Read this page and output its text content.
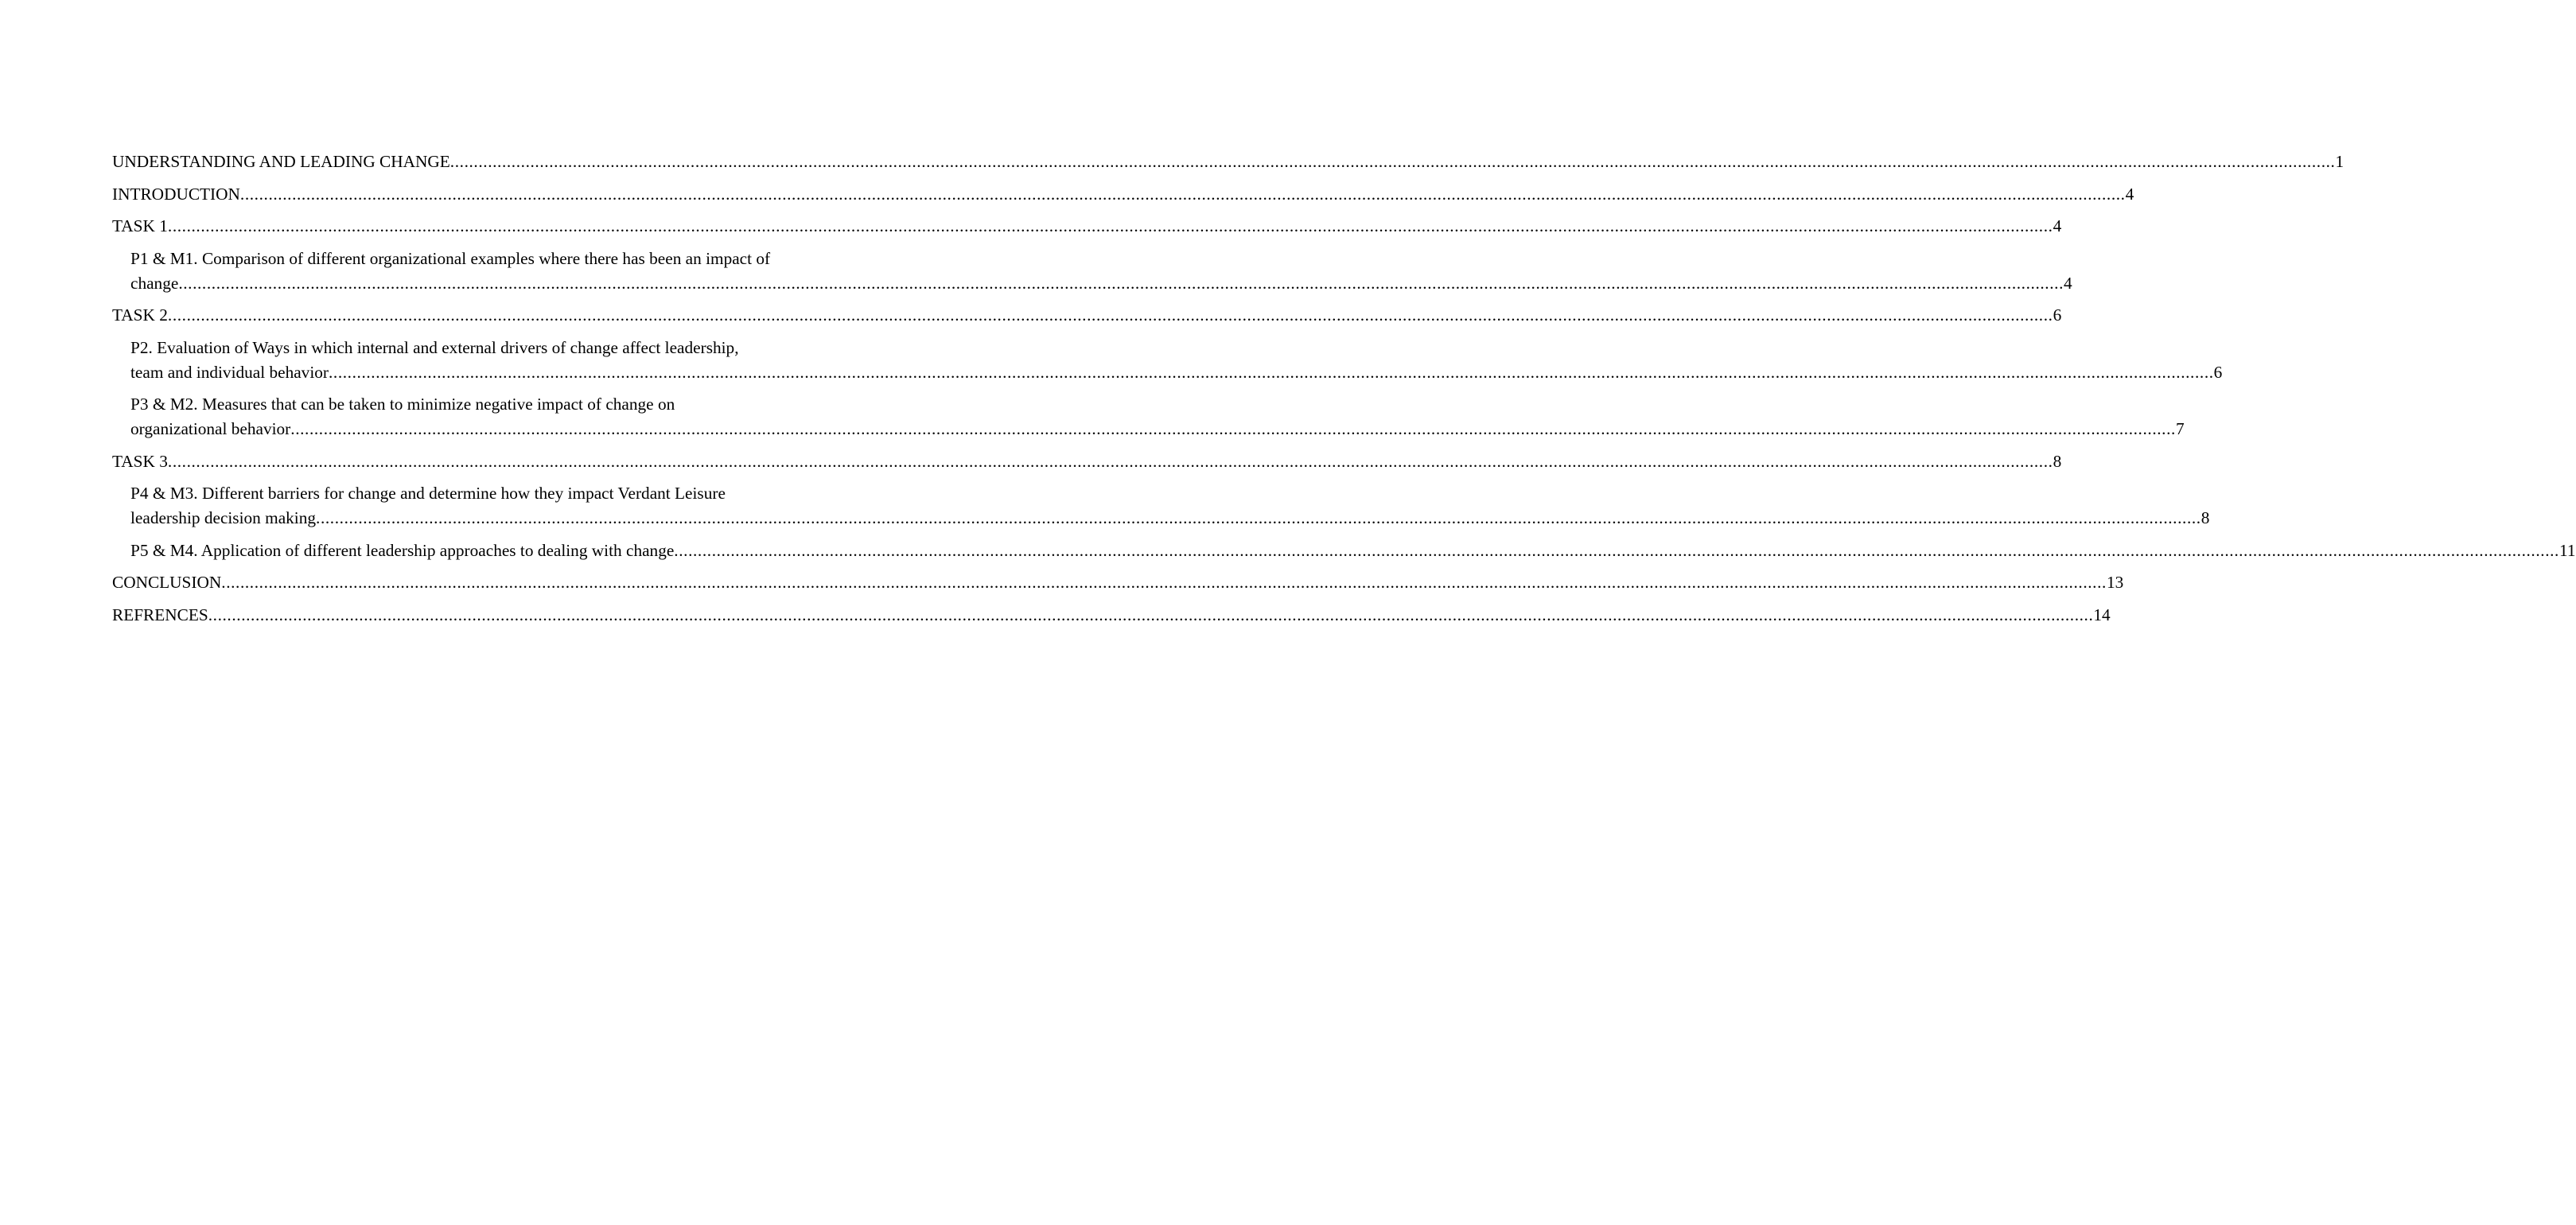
UNDERSTANDING AND LEADING CHANGE ................................................................................................................................................................................................................................................................................................................................................................................................................ 1
INTRODUCTION ................................................................................................................................................................................................................................................................................................................................................................................................................ 4
TASK 1 ................................................................................................................................................................................................................................................................................................................................................................................................................ 4
P1 & M1. Comparison of different organizational examples where there has been an impact of
change ................................................................................................................................................................................................................................................................................................................................................................................................................ 4
TASK 2 ................................................................................................................................................................................................................................................................................................................................................................................................................ 6
P2. Evaluation of Ways in which internal and external drivers of change affect leadership,
team and individual behavior ................................................................................................................................................................................................................................................................................................................................................................................................................ 6
P3 & M2. Measures that can be taken to minimize negative impact of change on
organizational behavior ................................................................................................................................................................................................................................................................................................................................................................................................................ 7
TASK 3 ................................................................................................................................................................................................................................................................................................................................................................................................................ 8
P4 & M3. Different barriers for change and determine how they impact Verdant Leisure
leadership decision making ................................................................................................................................................................................................................................................................................................................................................................................................................ 8
P5 & M4. Application of different leadership approaches to dealing with change ................................................................................................................................................................................................................................................................................................................................................................................................................ 11
CONCLUSION ................................................................................................................................................................................................................................................................................................................................................................................................................ 13
REFRENCES ................................................................................................................................................................................................................................................................................................................................................................................................................ 14
